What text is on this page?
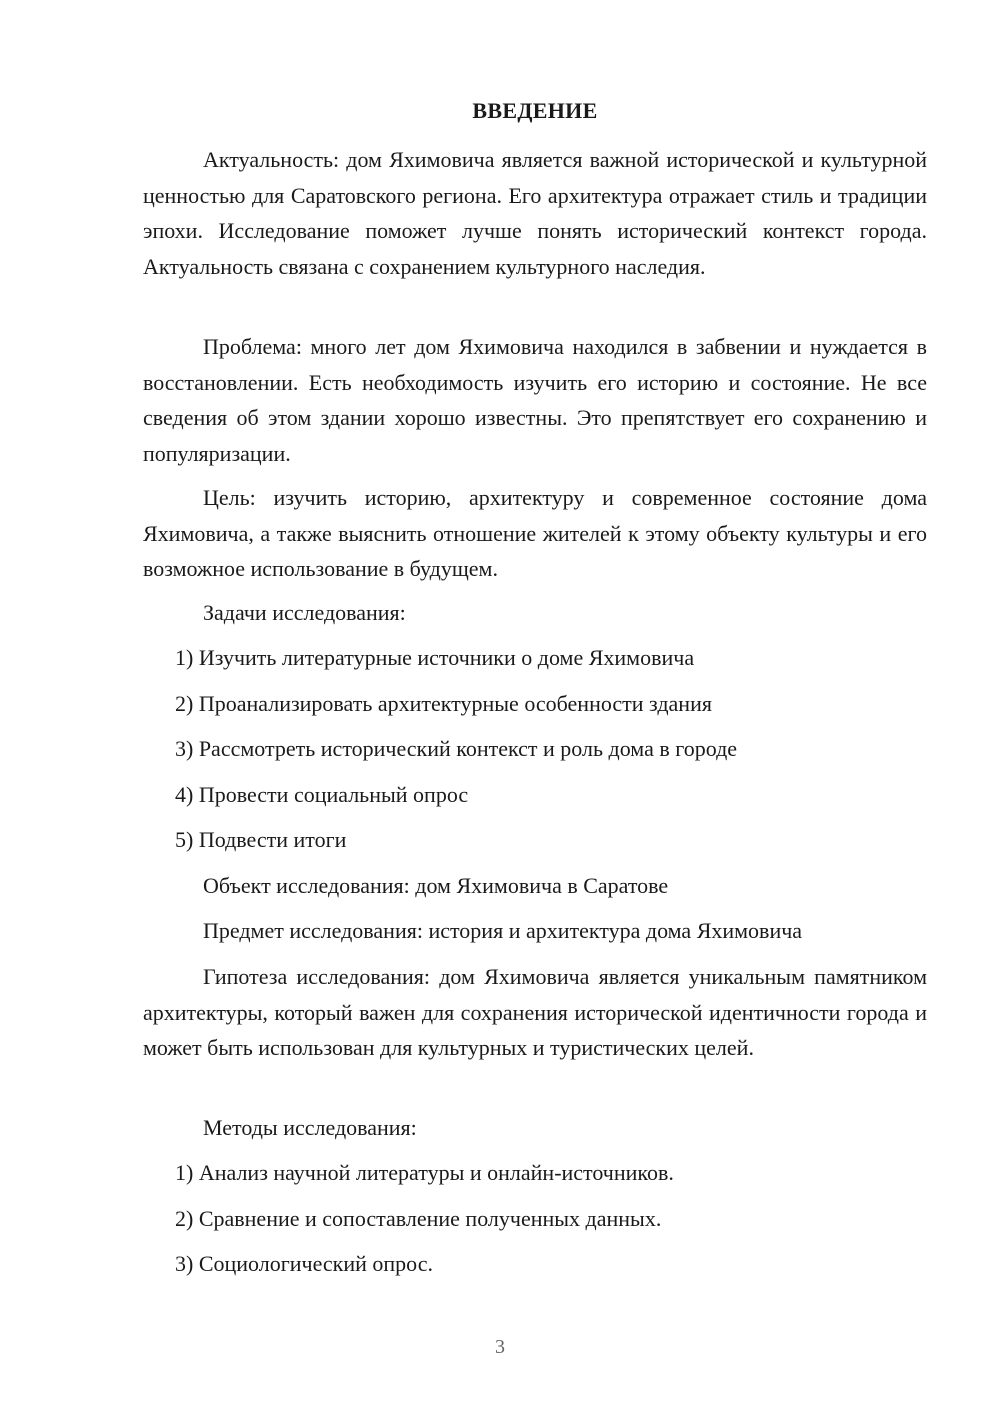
ВВЕДЕНИЕ

Актуальность: дом Яхимовича является важной исторической и культурной ценностью для Саратовского региона. Его архитектура отражает стиль и традиции эпохи. Исследование поможет лучше понять исторический контекст города. Актуальность связана с сохранением культурного наследия.

Проблема: много лет дом Яхимовича находился в забвении и нуждается в восстановлении. Есть необходимость изучить его историю и состояние. Не все сведения об этом здании хорошо известны. Это препятствует его сохранению и популяризации.

Цель: изучить историю, архитектуру и современное состояние дома Яхимовича, а также выяснить отношение жителей к этому объекту культуры и его возможное использование в будущем.

Задачи исследования:

1) Изучить литературные источники о доме Яхимовича

2) Проанализировать архитектурные особенности здания

3) Рассмотреть исторический контекст и роль дома в городе

4) Провести социальный опрос

5) Подвести итоги

Объект исследования: дом Яхимовича в Саратове

Предмет исследования: история и архитектура дома Яхимовича

Гипотеза исследования: дом Яхимовича является уникальным памятником архитектуры, который важен для сохранения исторической идентичности города и может быть использован для культурных и туристических целей.

Методы исследования:

1) Анализ научной литературы и онлайн-источников.

2) Сравнение и сопоставление полученных данных.

3) Социологический опрос.

3
